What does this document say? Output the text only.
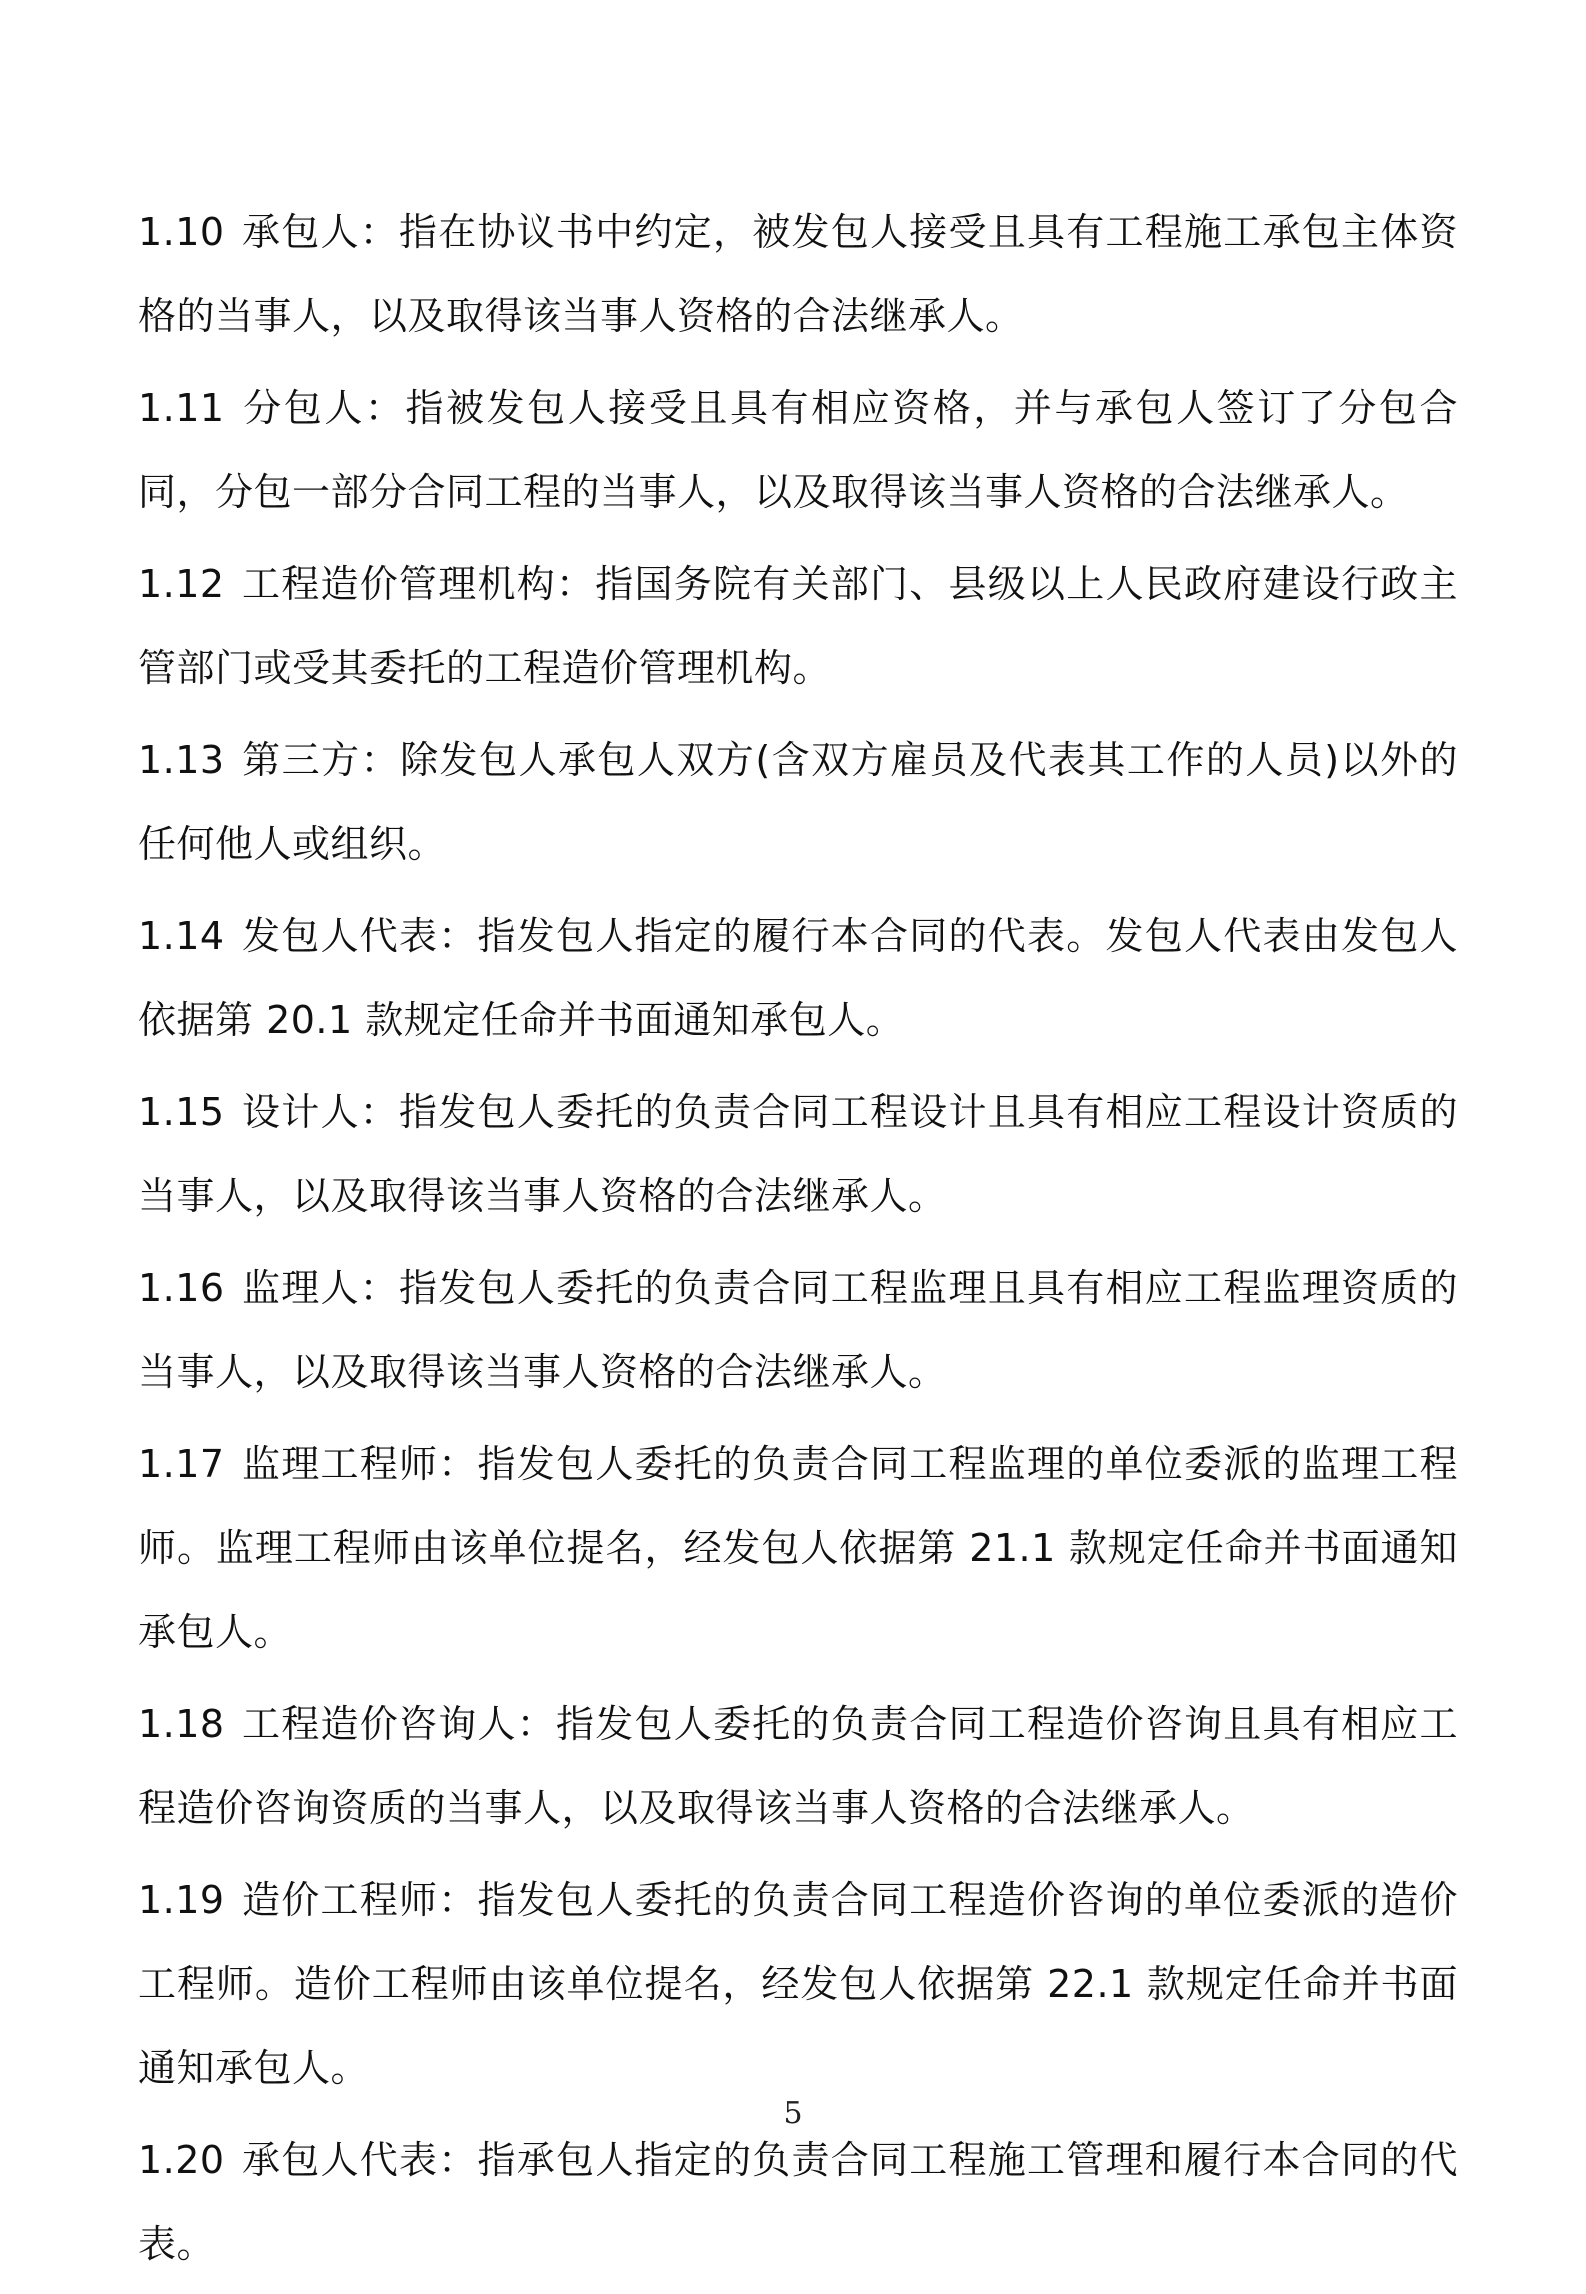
1.10 承包人：指在协议书中约定，被发包人接受且具有工程施工承包主体资格的当事人，以及取得该当事人资格的合法继承人。

1.11 分包人：指被发包人接受且具有相应资格，并与承包人签订了分包合同，分包一部分合同工程的当事人，以及取得该当事人资格的合法继承人。

1.12 工程造价管理机构：指国务院有关部门、县级以上人民政府建设行政主管部门或受其委托的工程造价管理机构。

1.13 第三方：除发包人承包人双方(含双方雇员及代表其工作的人员)以外的任何他人或组织。

1.14 发包人代表：指发包人指定的履行本合同的代表。发包人代表由发包人依据第 20.1 款规定任命并书面通知承包人。

1.15 设计人：指发包人委托的负责合同工程设计且具有相应工程设计资质的当事人，以及取得该当事人资格的合法继承人。

1.16 监理人：指发包人委托的负责合同工程监理且具有相应工程监理资质的当事人，以及取得该当事人资格的合法继承人。

1.17 监理工程师：指发包人委托的负责合同工程监理的单位委派的监理工程师。监理工程师由该单位提名，经发包人依据第 21.1 款规定任命并书面通知承包人。

1.18 工程造价咨询人：指发包人委托的负责合同工程造价咨询且具有相应工程造价咨询资质的当事人，以及取得该当事人资格的合法继承人。

1.19 造价工程师：指发包人委托的负责合同工程造价咨询的单位委派的造价工程师。造价工程师由该单位提名，经发包人依据第 22.1 款规定任命并书面通知承包人。

1.20 承包人代表：指承包人指定的负责合同工程施工管理和履行本合同的代表。

5
